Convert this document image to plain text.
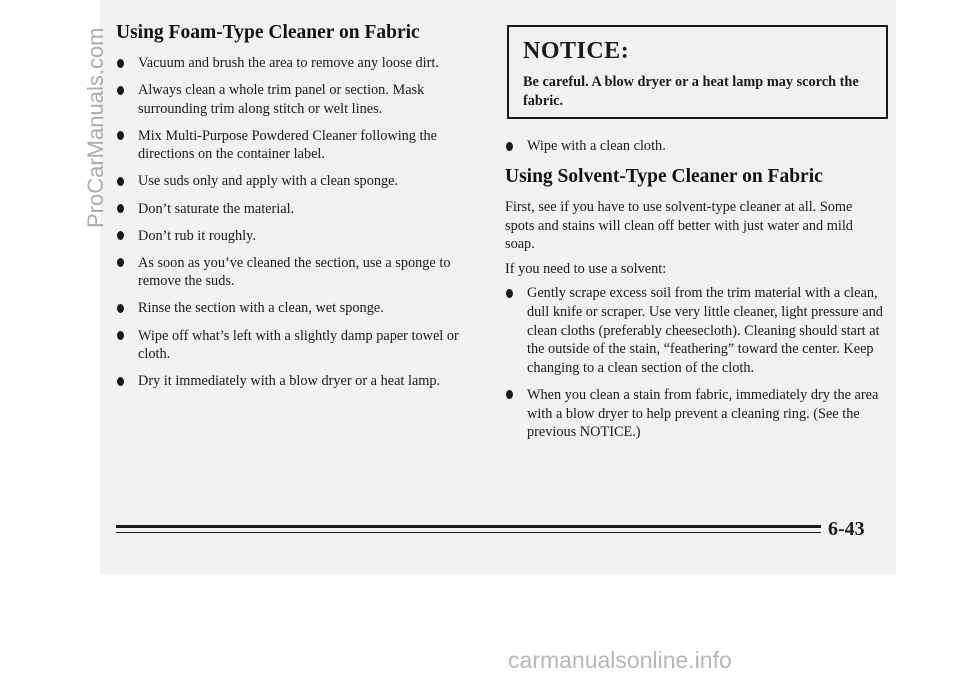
Using Foam-Type Cleaner on Fabric
Vacuum and brush the area to remove any loose dirt.
Always clean a whole trim panel or section. Mask surrounding trim along stitch or welt lines.
Mix Multi-Purpose Powdered Cleaner following the directions on the container label.
Use suds only and apply with a clean sponge.
Don’t saturate the material.
Don’t rub it roughly.
As soon as you’ve cleaned the section, use a sponge to remove the suds.
Rinse the section with a clean, wet sponge.
Wipe off what’s left with a slightly damp paper towel or cloth.
Dry it immediately with a blow dryer or a heat lamp.
NOTICE:
Be careful. A blow dryer or a heat lamp may scorch the fabric.
Wipe with a clean cloth.
Using Solvent-Type Cleaner on Fabric

First, see if you have to use solvent-type cleaner at all. Some spots and stains will clean off better with just water and mild soap.

If you need to use a solvent:

Gently scrape excess soil from the trim material with a clean, dull knife or scraper. Use very little cleaner, light pressure and clean cloths (preferably cheesecloth). Cleaning should start at the outside of the stain, “feathering” toward the center. Keep changing to a clean section of the cloth.
When you clean a stain from fabric, immediately dry the area with a blow dryer to help prevent a cleaning ring. (See the previous NOTICE.)
6-43
ProCarManuals.com
carmanualsonline.info
